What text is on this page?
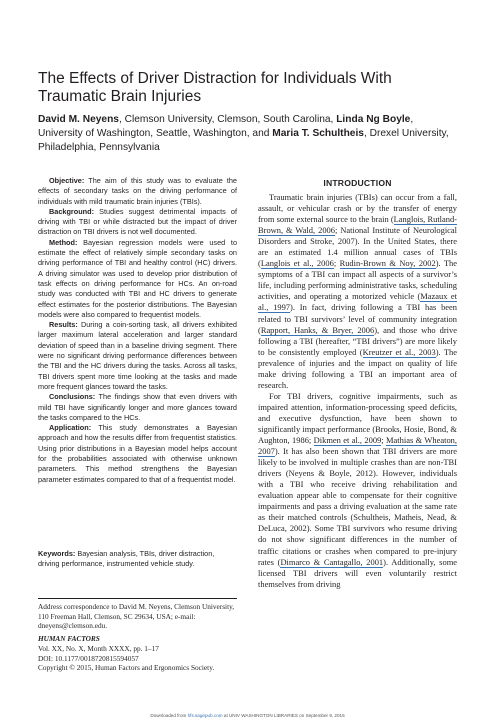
The Effects of Driver Distraction for Individuals With Traumatic Brain Injuries

David M. Neyens, Clemson University, Clemson, South Carolina, Linda Ng Boyle, University of Washington, Seattle, Washington, and Maria T. Schultheis, Drexel University, Philadelphia, Pennsylvania

Objective: The aim of this study was to evaluate the effects of secondary tasks on the driving performance of individuals with mild traumatic brain injuries (TBIs).

Background: Studies suggest detrimental impacts of driving with TBI or while distracted but the impact of driver distraction on TBI drivers is not well documented.

Method: Bayesian regression models were used to estimate the effect of relatively simple secondary tasks on driving performance of TBI and healthy control (HC) drivers. A driving simulator was used to develop prior distribution of task effects on driving performance for HCs. An on-road study was conducted with TBI and HC drivers to generate effect estimates for the posterior distributions. The Bayesian models were also compared to frequentist models.

Results: During a coin-sorting task, all drivers exhibited larger maximum lateral acceleration and larger standard deviation of speed than in a baseline driving segment. There were no significant driving performance differences between the TBI and the HC drivers during the tasks. Across all tasks, TBI drivers spent more time looking at the tasks and made more frequent glances toward the tasks.

Conclusions: The findings show that even drivers with mild TBI have significantly longer and more glances toward the tasks compared to the HCs.

Application: This study demonstrates a Bayesian approach and how the results differ from frequentist statistics. Using prior distributions in a Bayesian model helps account for the probabilities associated with otherwise unknown parameters. This method strengthens the Bayesian parameter estimates compared to that of a frequentist model.

Keywords: Bayesian analysis, TBIs, driver distraction, driving performance, instrumented vehicle study.

Address correspondence to David M. Neyens, Clemson University, 110 Freeman Hall, Clemson, SC 29634, USA; e-mail: dneyens@clemson.edu.

HUMAN FACTORS
Vol. XX, No. X, Month XXXX, pp. 1–17
DOI: 10.1177/0018720815594057
Copyright © 2015, Human Factors and Ergonomics Society.

INTRODUCTION

Traumatic brain injuries (TBIs) can occur from a fall, assault, or vehicular crash or by the transfer of energy from some external source to the brain (Langlois, Rutland-Brown, & Wald, 2006; National Institute of Neurological Disorders and Stroke, 2007). In the United States, there are an estimated 1.4 million annual cases of TBIs (Langlois et al., 2006; Rudin-Brown & Noy, 2002). The symptoms of a TBI can impact all aspects of a survivor’s life, including performing administrative tasks, scheduling activities, and operating a motorized vehicle (Mazaux et al., 1997). In fact, driving following a TBI has been related to TBI survivors’ level of community integration (Rapport, Hanks, & Bryer, 2006), and those who drive following a TBI (hereafter, “TBI drivers”) are more likely to be consistently employed (Kreutzer et al., 2003). The prevalence of injuries and the impact on quality of life make driving following a TBI an important area of research.

For TBI drivers, cognitive impairments, such as impaired attention, information-processing speed deficits, and executive dysfunction, have been shown to significantly impact performance (Brooks, Hosie, Bond, & Aughton, 1986; Dikmen et al., 2009; Mathias & Wheaton, 2007). It has also been shown that TBI drivers are more likely to be involved in multiple crashes than are non-TBI drivers (Neyens & Boyle, 2012). However, individuals with a TBI who receive driving rehabilitation and evaluation appear able to compensate for their cognitive impairments and pass a driving evaluation at the same rate as their matched controls (Schultheis, Matheis, Nead, & DeLuca, 2002). Some TBI survivors who resume driving do not show significant differences in the number of traffic citations or crashes when compared to pre-injury rates (Dimarco & Cantagallo, 2001). Additionally, some licensed TBI drivers will even voluntarily restrict themselves from driving

Downloaded from hfs.sagepub.com at UNIV WASHINGTON LIBRARIES on September 9, 2015
